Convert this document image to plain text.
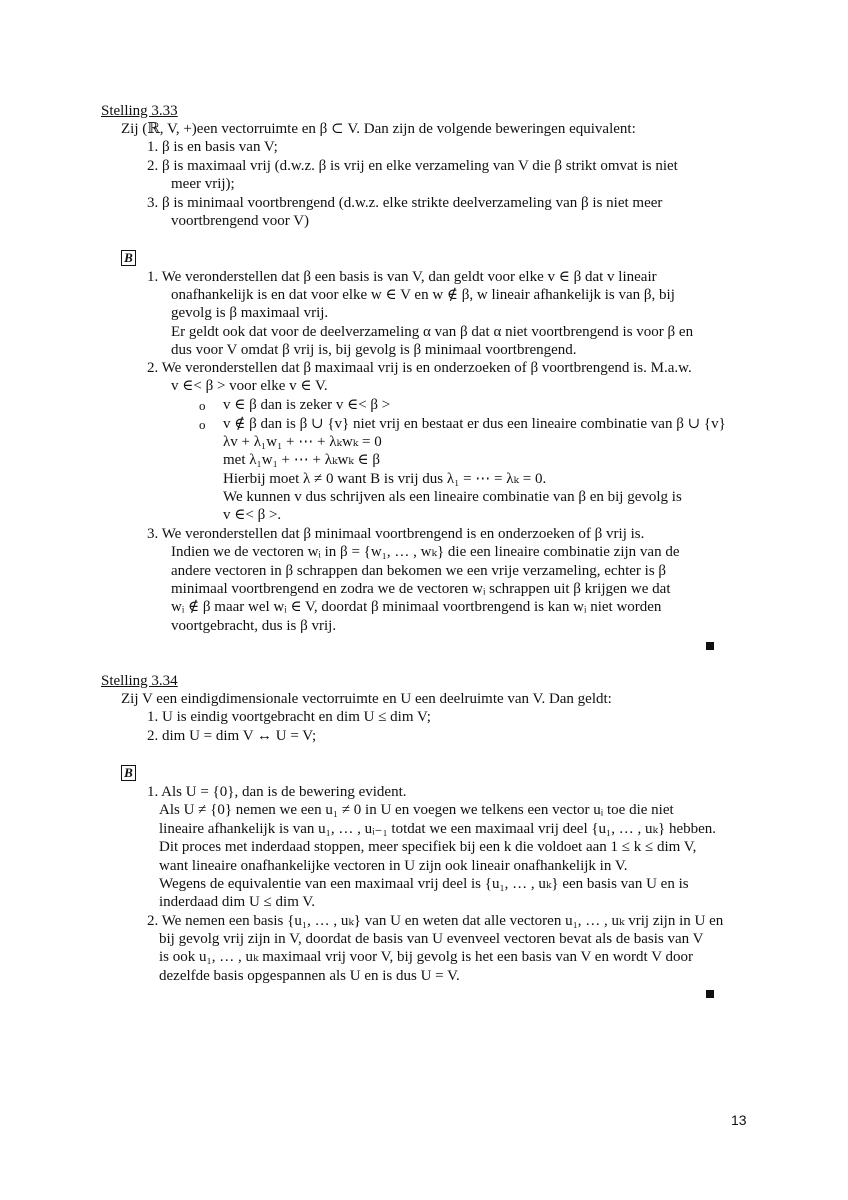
Stelling 3.33
Zij (ℝ, V, +)een vectorruimte en β ⊂ V. Dan zijn de volgende beweringen equivalent:
1. β is en basis van V;
2. β is maximaal vrij (d.w.z. β is vrij en elke verzameling van V die β strikt omvat is niet
meer vrij);
3. β is minimaal voortbrengend (d.w.z. elke strikte deelverzameling van β is niet meer
voortbrengend voor V)
B
1. We veronderstellen dat β een basis is van V, dan geldt voor elke v ∈ β dat v lineair
onafhankelijk is en dat voor elke w ∈ V en w ∉ β, w lineair afhankelijk is van β, bij
gevolg is β maximaal vrij.
Er geldt ook dat voor de deelverzameling α van β dat α niet voortbrengend is voor β en
dus voor V omdat β vrij is, bij gevolg is β minimaal voortbrengend.
2. We veronderstellen dat β maximaal vrij is en onderzoeken of β voortbrengend is. M.a.w.
v ∈< β > voor elke v ∈ V.
o v ∈ β dan is zeker v ∈< β >
o v ∉ β dan is β ∪ {v} niet vrij en bestaat er dus een lineaire combinatie van β ∪ {v}
λv + λ₁w₁ + ⋯ + λₖwₖ = 0
met λ₁w₁ + ⋯ + λₖwₖ ∈ β
Hierbij moet λ ≠ 0 want B is vrij dus λ₁ = ⋯ = λₖ = 0.
We kunnen v dus schrijven als een lineaire combinatie van β en bij gevolg is
v ∈< β >.
3. We veronderstellen dat β minimaal voortbrengend is en onderzoeken of β vrij is.
Indien we de vectoren wᵢ in β = {w₁, … , wₖ} die een lineaire combinatie zijn van de
andere vectoren in β schrappen dan bekomen we een vrije verzameling, echter is β
minimaal voortbrengend en zodra we de vectoren wᵢ schrappen uit β krijgen we dat
wᵢ ∉ β maar wel wᵢ ∈ V, doordat β minimaal voortbrengend is kan wᵢ niet worden
voortgebracht, dus is β vrij.
Stelling 3.34
Zij V een eindigdimensionale vectorruimte en U een deelruimte van V. Dan geldt:
1. U is eindig voortgebracht en dim U ≤ dim V;
2. dim U = dim V ↔ U = V;
B
1. Als U = {0}, dan is de bewering evident.
Als U ≠ {0} nemen we een u₁ ≠ 0 in U en voegen we telkens een vector uᵢ toe die niet
lineaire afhankelijk is van u₁, … , uᵢ₋₁ totdat we een maximaal vrij deel {u₁, … , uₖ} hebben.
Dit proces met inderdaad stoppen, meer specifiek bij een k die voldoet aan 1 ≤ k ≤ dim V,
want lineaire onafhankelijke vectoren in U zijn ook lineair onafhankelijk in V.
Wegens de equivalentie van een maximaal vrij deel is {u₁, … , uₖ} een basis van U en is
inderdaad dim U ≤ dim V.
2. We nemen een basis {u₁, … , uₖ} van U en weten dat alle vectoren u₁, … , uₖ vrij zijn in U en
bij gevolg vrij zijn in V, doordat de basis van U evenveel vectoren bevat als de basis van V
is ook u₁, … , uₖ maximaal vrij voor V, bij gevolg is het een basis van V en wordt V door
dezelfde basis opgespannen als U en is dus U = V.
13
